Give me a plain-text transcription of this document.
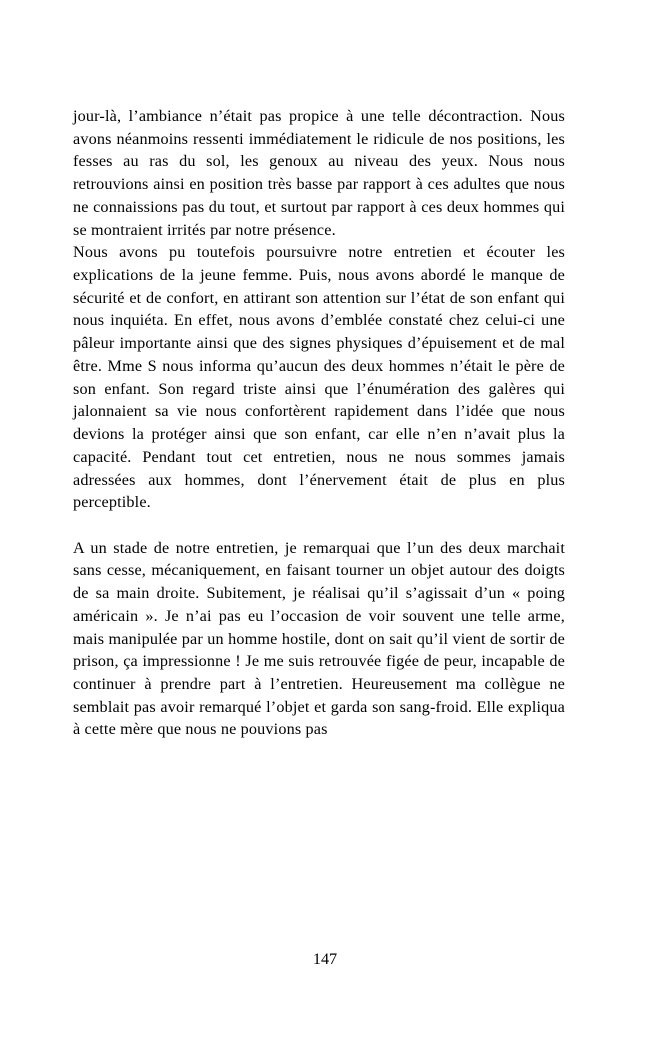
jour-là, l’ambiance n’était pas propice à une telle décontraction. Nous avons néanmoins ressenti immédiatement le ridicule de nos positions, les fesses au ras du sol, les genoux au niveau des yeux. Nous nous retrouvions ainsi en position très basse par rapport à ces adultes que nous ne connaissions pas du tout, et surtout par rapport à ces deux hommes qui se montraient irrités par notre présence.

Nous avons pu toutefois poursuivre notre entretien et écouter les explications de la jeune femme. Puis, nous avons abordé le manque de sécurité et de confort, en attirant son attention sur l’état de son enfant qui nous inquiéta. En effet, nous avons d’emblée constaté chez celui-ci une pâleur importante ainsi que des signes physiques d’épuisement et de mal être. Mme S nous informa qu’aucun des deux hommes n’était le père de son enfant. Son regard triste ainsi que l’énumération des galères qui jalonnaient sa vie nous confortèrent rapidement dans l’idée que nous devions la protéger ainsi que son enfant, car elle n’en n’avait plus la capacité. Pendant tout cet entretien, nous ne nous sommes jamais adressées aux hommes, dont l’énervement était de plus en plus perceptible.

A un stade de notre entretien, je remarquai que l’un des deux marchait sans cesse, mécaniquement, en faisant tourner un objet autour des doigts de sa main droite. Subitement, je réalisai qu’il s’agissait d’un « poing américain ». Je n’ai pas eu l’occasion de voir souvent une telle arme, mais manipulée par un homme hostile, dont on sait qu’il vient de sortir de prison, ça impressionne ! Je me suis retrouvée figée de peur, incapable de continuer à prendre part à l’entretien. Heureusement ma collègue ne semblait pas avoir remarqué l’objet et garda son sang-froid. Elle expliqua à cette mère que nous ne pouvions pas

147
